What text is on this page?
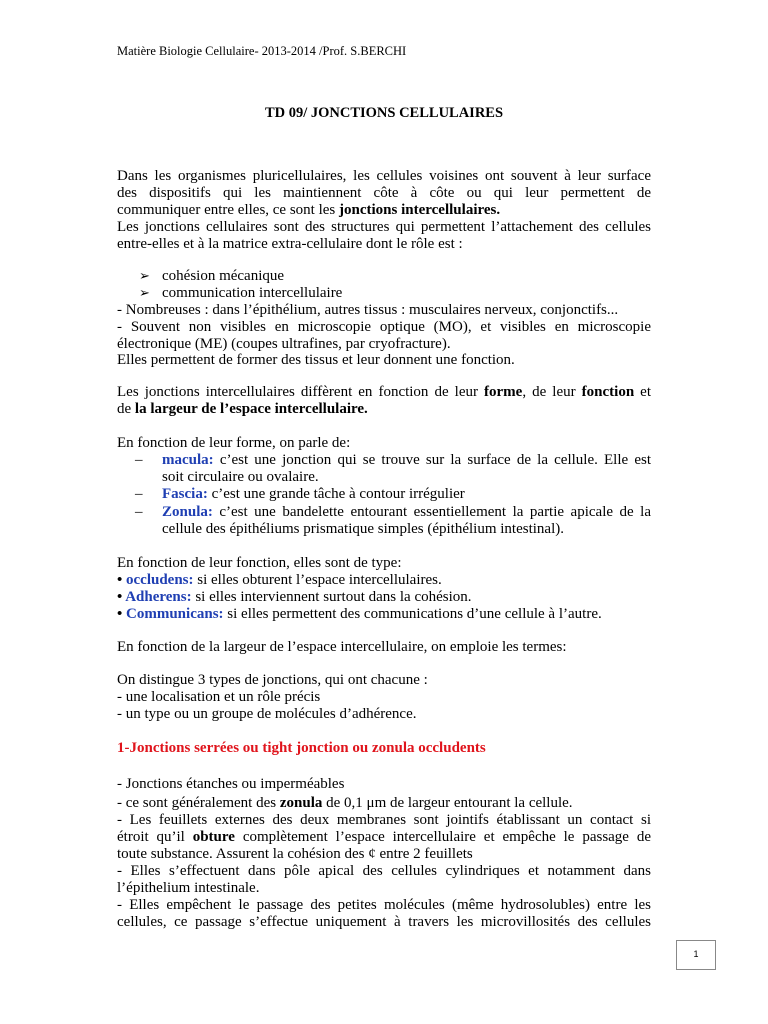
Matière Biologie Cellulaire- 2013-2014 /Prof. S.BERCHI
TD 09/ JONCTIONS CELLULAIRES
Dans les organismes pluricellulaires, les cellules voisines ont souvent à leur surface
des dispositifs qui les maintiennent côte à côte ou qui leur permettent de
communiquer entre elles, ce sont les jonctions intercellulaires.
Les jonctions cellulaires sont des structures qui permettent l’attachement des cellules
entre-elles et à la matrice extra-cellulaire dont le rôle est :
➢ cohésion mécanique
➢ communication intercellulaire
- Nombreuses : dans l’épithélium, autres tissus : musculaires nerveux, conjonctifs...
- Souvent non visibles en microscopie optique (MO), et visibles en microscopie
électronique (ME) (coupes ultrafines, par cryofracture).
Elles permettent de former des tissus et leur donnent une fonction.
Les jonctions intercellulaires diffèrent en fonction de leur forme, de leur fonction et
de la largeur de l’espace intercellulaire.
En fonction de leur forme, on parle de:
– macula: c’est une jonction qui se trouve sur la surface de la cellule. Elle est
soit circulaire ou ovalaire.
– Fascia: c’est une grande tâche à contour irrégulier
– Zonula: c’est une bandelette entourant essentiellement la partie apicale de la
cellule des épithéliums prismatique simples (épithélium intestinal).
En fonction de leur fonction, elles sont de type:
• occludens: si elles obturent l’espace intercellulaires.
• Adherens: si elles interviennent surtout dans la cohésion.
• Communicans: si elles permettent des communications d’une cellule à l’autre.
En fonction de la largeur de l’espace intercellulaire, on emploie les termes:
On distingue 3 types de jonctions, qui ont chacune :
- une localisation et un rôle précis
- un type ou un groupe de molécules d’adhérence.
1-Jonctions serrées ou tight jonction ou zonula occludents
- Jonctions étanches ou imperméables
- ce sont généralement des zonula de 0,1 μm de largeur entourant la cellule.
- Les feuillets externes des deux membranes sont jointifs établissant un contact si
étroit qu’il obture complètement l’espace intercellulaire et empêche le passage de
toute substance. Assurent la cohésion des ¢ entre 2 feuillets
- Elles s’effectuent dans pôle apical des cellules cylindriques et notamment dans
l’épithelium intestinale.
- Elles empêchent le passage des petites molécules (même hydrosolubles) entre les
cellules, ce passage s’effectue uniquement à travers les microvillosités des cellules
1
